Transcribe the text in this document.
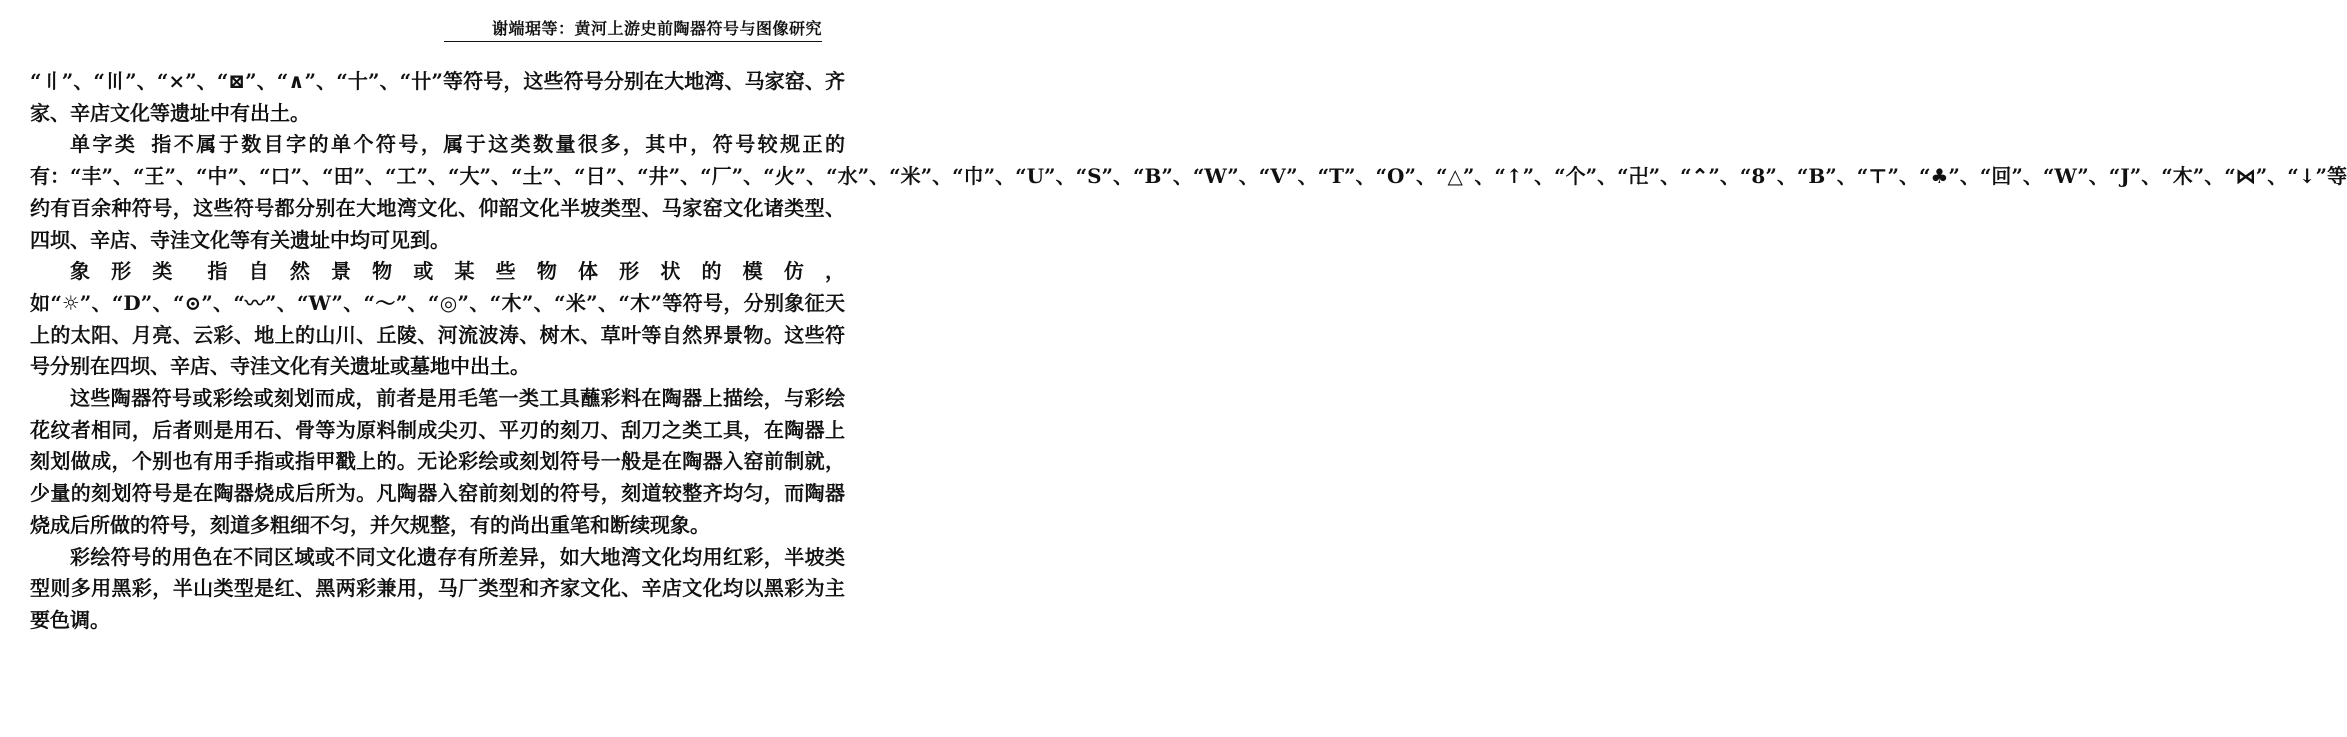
谢端琚等：黄河上游史前陶器符号与图像研究

“〢”、“〣”、“×”、“⊠”、“∧”、“十”、“卄”等符号，这些符号分别在大地湾、马家窑、齐家、辛店文化等遗址中有出土。

单字类 指不属于数目字的单个符号，属于这类数量很多，其中，符号较规正的有：“丰”、“王”、“中”、“口”、“田”、“工”、“大”、“土”、“日”、“井”、“厂”、“火”、“水”、“米”、“巾”、“U”、“S”、“B”、“W”、“V”、“T”、“O”、“△”、“↑”、“个”、“卍”、“⌃”、“8”、“B”、“⊤”、“♣”、“回”、“W”、“J”、“木”、“⋈”、“↓”等约有百余种符号，这些符号都分别在大地湾文化、仰韶文化半坡类型、马家窑文化诸类型、四坝、辛店、寺洼文化等有关遗址中均可见到。

象形类 指自然景物或某些物体形状的模仿，如“☼”、“D”、“⊙”、“〰”、“W”、“〜”、“◎”、“⽊”、“⽶”、“⽊”等符号，分别象征天上的太阳、月亮、云彩、地上的山川、丘陵、河流波涛、树木、草叶等自然界景物。这些符号分别在四坝、辛店、寺洼文化有关遗址或墓地中出土。

这些陶器符号或彩绘或刻划而成，前者是用毛笔一类工具蘸彩料在陶器上描绘，与彩绘花纹者相同，后者则是用石、骨等为原料制成尖刃、平刃的刻刀、刮刀之类工具，在陶器上刻划做成，个别也有用手指或指甲戳上的。无论彩绘或刻划符号一般是在陶器入窑前制就，少量的刻划符号是在陶器烧成后所为。凡陶器入窑前刻划的符号，刻道较整齐均匀，而陶器烧成后所做的符号，刻道多粗细不匀，并欠规整，有的尚出重笔和断续现象。

彩绘符号的用色在不同区域或不同文化遗存有所差异，如大地湾文化均用红彩，半坡类型则多用黑彩，半山类型是红、黑两彩兼用，马厂类型和齐家文化、辛店文化均以黑彩为主要色调。
